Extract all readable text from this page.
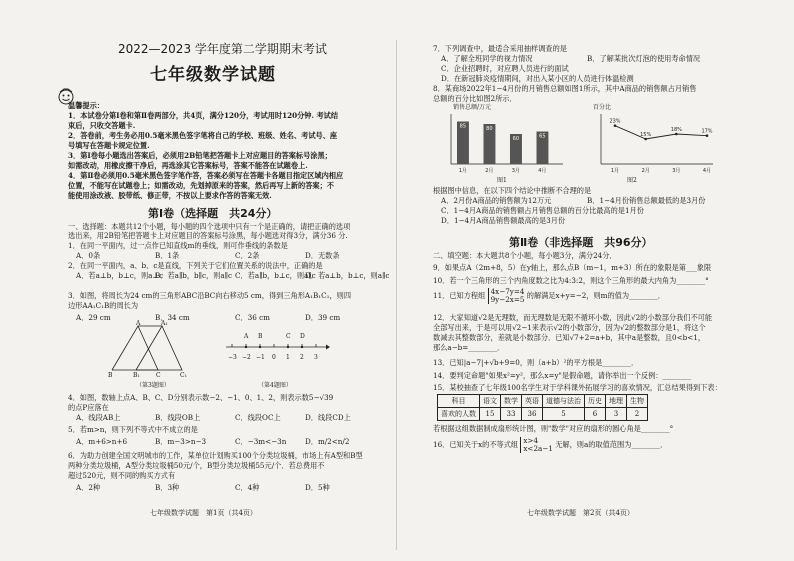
2022—2023 学年度第二学期期末考试
七年级数学试题
温馨提示：
1．本试卷分第Ⅰ卷和第Ⅱ卷两部分，共4页，满分120分，考试用时120分钟. 考试结
束后，只收交答题卡.
2．答卷前，考生务必用0.5毫米黑色签字笔将自己的学校、班级、姓名、考试号、座
号填写在答题卡规定位置.
3．第Ⅰ卷每小题选出答案后，必须用2B铅笔把答题卡上对应题目的答案标号涂黑；
如需改动，用橡皮擦干净后，再选涂其它答案标号，答案不能答在试题卷上.
4．第Ⅱ卷必须用0.5毫米黑色签字笔作答，答案必须写在答题卡各题目指定区域内相应
位置，不能写在试题卷上；如需改动，先划掉原来的答案，然后再写上新的答案；不
能使用涂改液、胶带纸、修正带，不按以上要求作答的答案无效.
第Ⅰ卷（选择题　共24分）
一、选择题：本题共12个小题，每小题的四个选项中只有一个是正确的，请把正确的选项
选出来，用2B铅笔把答题卡上对应题目的答案标号涂黑，每小题选对得3分，满分36 分.
1．在同一平面内，过一点作已知直线m的垂线，则可作垂线的条数是
A．0条	B．1条	C．2条	D．无数条
2．在同一平面内，a、b、c是直线，下列关于它们位置关系的说法中，正确的是
A．若a⊥b，b⊥c，则a⊥c
B．若a∥b，b∥c，则a∥c C．若a∥b，b⊥c，则a∥c
D．若a⊥b，b⊥c，则a∥c
3．如图，将周长为24 cm的三角形ABC沿BC向右移动5 cm，得到三角形A₁B₁C₁，则四
边形AA₁C₁B的周长为
A．29 cm	B．34 cm	C．36 cm	D．39 cm
A	A₁
B	B₁	C	C₁
（第3题图）
A B	C D
−3 −2 −1 0 1 2 3
（第4题图）
4．如图，数轴上点A、B、C、D分别表示数−2、−1、0、1、2，则表示数5−√39
的点P应落在
A．线段AB上	B．线段OB上	C．线段OC上	D．线段CD上
5．若m>n，则下列不等式中不成立的是
A．m+6>n+6	B．m−3>n−3	C．−3m<−3n	D．m/2<n/2
6．为助力创建全国文明城市的工作，某单位计划购买100个分类垃圾桶，市场上有A型和B型
两种分类垃圾桶，A型分类垃圾桶50元/个，B型分类垃圾桶55元/个．若总费用不
超过520元，则不同的购买方式有
A．2种	B．3种	C．4种	D．5种
七年级数学试题　第1页（共4页）
7．下列调查中，最适合采用抽样调查的是
A．了解全班同学的视力情况	B．了解某批次灯泡的使用寿命情况
C．企业招聘时，对应聘人员进行的面试
D．在新冠肺炎疫情期间，对出入某小区的人员进行体温检测
8．某商场2022年1−4月份的月销售总额如图1所示，其中A商品的销售额占月销售
总额的百分比如图2所示．
销售总额/万元
85
1月
80
2月
60
3月
65
4月
图1
百分比
23%
1月
15%
2月
18%
3月
17%
4月
图2
根据图中信息，在以下四个结论中推断不合理的是
A．2月份A商品的销售额为12万元	B．1−4月份销售总额最低的是3月份
C．1−4月A商品的销售额占月销售总额的百分比最高的是1月份
D．1−4月A商品销售额最高的是3月份
第Ⅱ卷（非选择题　共96分）
二、填空题：本大题共8个小题，每小题3分，满分24分．
9．如果点A（2m+8，5）在y轴上，那么点B（m−1，m+3）所在的象限是第___象限
10．若一个三角形的三个内角度数之比为4:3:2，则这个三角形的最大内角为________°
11．已知方程组 4x−7y=4
9y−2x=5 的解满足x+y=−2，则m的值为________．
12．大家知道√2是无理数，而无理数是无限不循环小数，因此√2的小数部分我们不可能
全部写出来，于是可以用√2−1来表示√2的小数部分，因为√2的整数部分是1，将这个
数减去其整数部分，差就是小数部分．已知√7+2=a+b，其中a是整数，且0<b<1，
那么a−b=________．
13．已知|a−7|+√b+9=0，则（a+b）²的平方根是________．
14．要判定命题"如果x²=y²，那么x=y"是假命题，请你举出一个反例：________
15．某校抽查了七年级100名学生对于学科课外拓展学习的喜欢情况，汇总结果得到下表：
科目	语文	数学	英语	道德与法治	历史	地理	生物
喜欢的人数	15	33	36	5	6	3	2
若根据这组数据制成扇形统计图，则"数学"对应的扇形的圆心角是________°
16．已知关于x的不等式组 x>4
x<2a−1 无解，则a的取值范围为________．
七年级数学试题　第2页（共4页）
